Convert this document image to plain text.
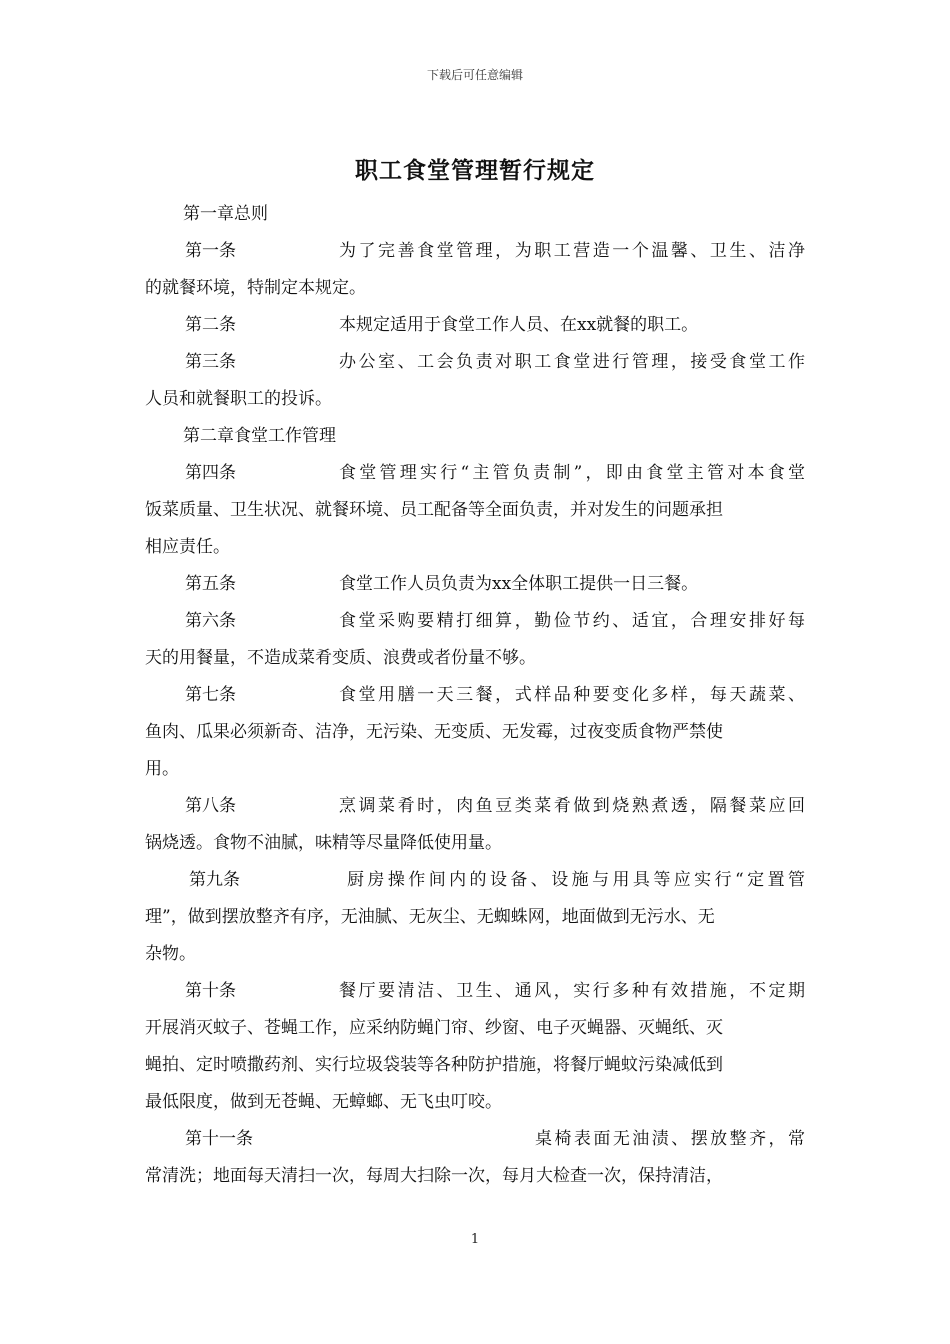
下载后可任意编辑
职工食堂管理暂行规定

第一章总则

第一条	为了完善食堂管理，为职工营造一个温馨、卫生、洁净
的就餐环境，特制定本规定。
第二条	本规定适用于食堂工作人员、在xx就餐的职工。
第三条	办公室、工会负责对职工食堂进行管理，接受食堂工作
人员和就餐职工的投诉。

第二章食堂工作管理

第四条	食堂管理实行“主管负责制”，即由食堂主管对本食堂
饭菜质量、卫生状况、就餐环境、员工配备等全面负责，并对发生的问题承担
相应责任。
第五条	食堂工作人员负责为xx全体职工提供一日三餐。
第六条	食堂采购要精打细算，勤俭节约、适宜，合理安排好每
天的用餐量，不造成菜肴变质、浪费或者份量不够。
第七条	食堂用膳一天三餐，式样品种要变化多样，每天蔬菜、
鱼肉、瓜果必须新奇、洁净，无污染、无变质、无发霉，过夜变质食物严禁使
用。
第八条	烹调菜肴时，肉鱼豆类菜肴做到烧熟煮透，隔餐菜应回
锅烧透。食物不油腻，味精等尽量降低使用量。
第九条	厨房操作间内的设备、设施与用具等应实行“定置管
理”，做到摆放整齐有序，无油腻、无灰尘、无蜘蛛网，地面做到无污水、无
杂物。
第十条	餐厅要清洁、卫生、通风，实行多种有效措施，不定期
开展消灭蚊子、苍蝇工作，应采纳防蝇门帘、纱窗、电子灭蝇器、灭蝇纸、灭
蝇拍、定时喷撒药剂、实行垃圾袋装等各种防护措施，将餐厅蝇蚊污染减低到
最低限度，做到无苍蝇、无蟑螂、无飞虫叮咬。
第十一条	桌椅表面无油渍、摆放整齐，常
常清洗；地面每天清扫一次，每周大扫除一次，每月大检查一次，保持清洁，
1
